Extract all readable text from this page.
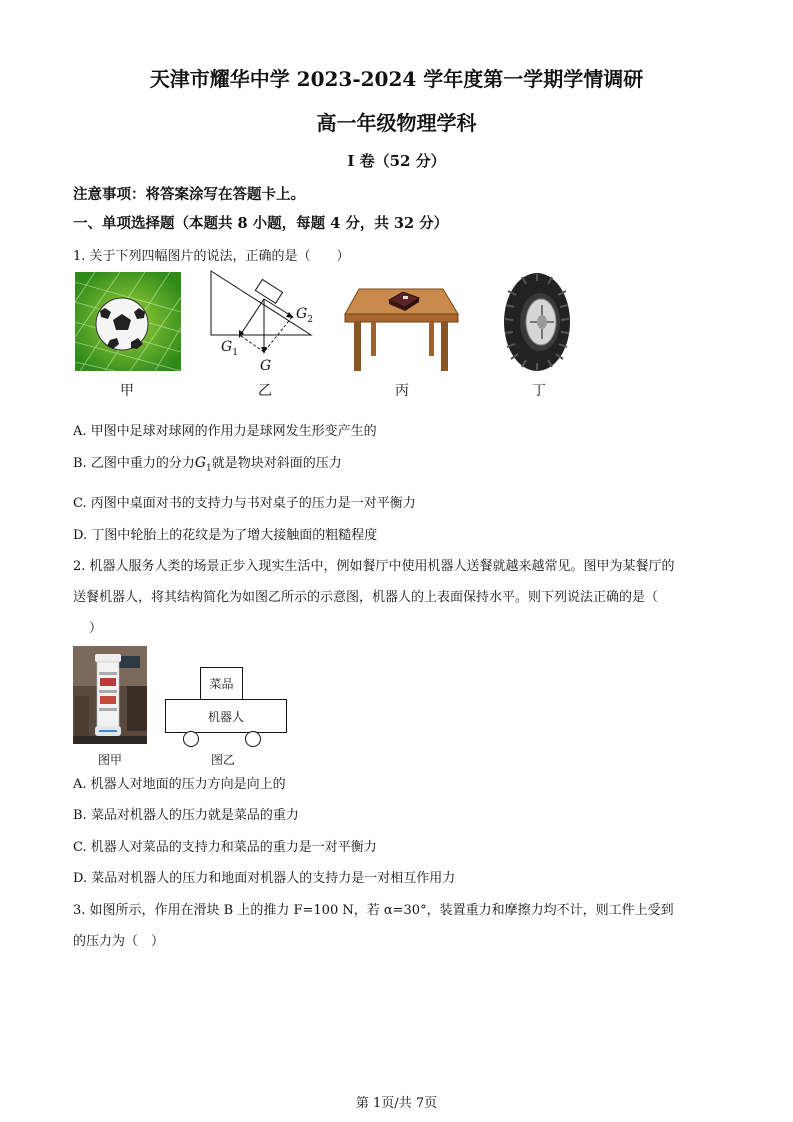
天津市耀华中学 2023-2024 学年度第一学期学情调研
高一年级物理学科
I 卷（52 分）
注意事项：将答案涂写在答题卡上。
一、单项选择题（本题共 8 小题，每题 4 分，共 32 分）
1. 关于下列四幅图片的说法，正确的是（　　）
$G_2$
$G_1$
G
甲	乙	丙	丁
A. 甲图中足球对球网的作用力是球网发生形变产生的
B. 乙图中重力的分力$G_1$就是物块对斜面的压力
C. 丙图中桌面对书的支持力与书对桌子的压力是一对平衡力
D. 丁图中轮胎上的花纹是为了增大接触面的粗糙程度
2. 机器人服务人类的场景正步入现实生活中，例如餐厅中使用机器人送餐就越来越常见。图甲为某餐厅的
送餐机器人，将其结构简化为如图乙所示的示意图，机器人的上表面保持水平。则下列说法正确的是（
）
菜品
机器人
图甲	图乙
A. 机器人对地面的压力方向是向上的
B. 菜品对机器人的压力就是菜品的重力
C. 机器人对菜品的支持力和菜品的重力是一对平衡力
D. 菜品对机器人的压力和地面对机器人的支持力是一对相互作用力
3. 如图所示，作用在滑块 B 上的推力 F=100 N，若 α=30°，装置重力和摩擦力均不计，则工件上受到
的压力为（　）
第 1页/共 7页
